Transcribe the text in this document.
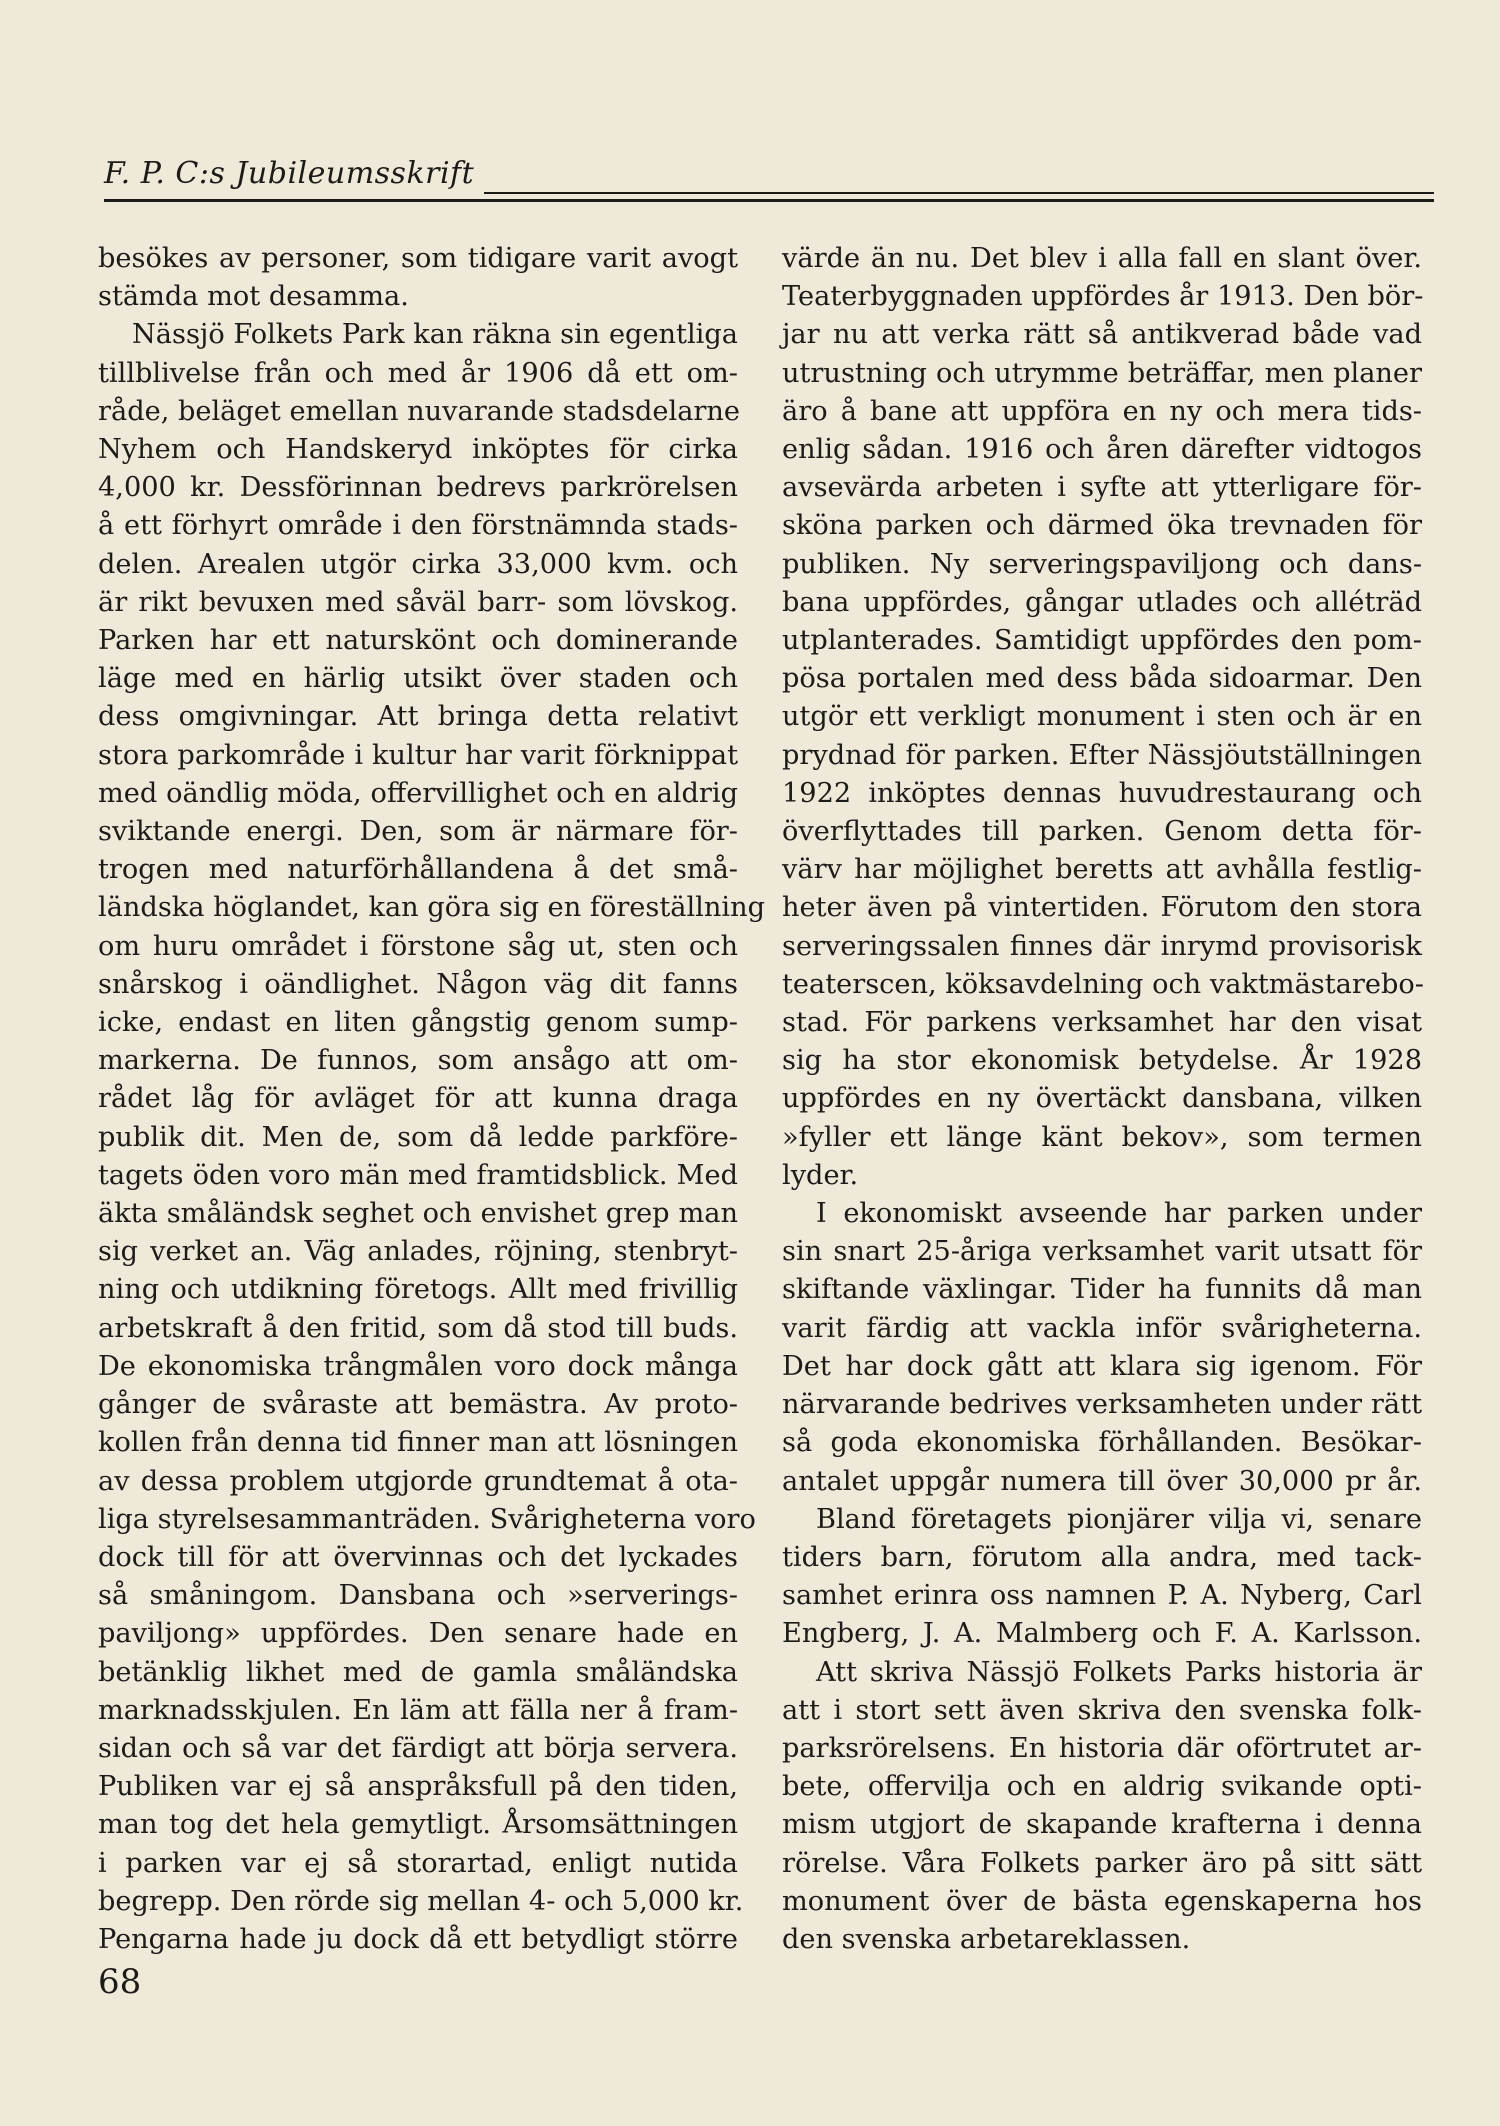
F. P. C:s Jubileumsskrift
besökes av personer, som tidigare varit avogt
stämda mot desamma.
Nässjö Folkets Park kan räkna sin egentliga
tillblivelse från och med år 1906 då ett om-
råde, beläget emellan nuvarande stadsdelarne
Nyhem och Handskeryd inköptes för cirka
4,000 kr. Dessförinnan bedrevs parkrörelsen
å ett förhyrt område i den förstnämnda stads-
delen. Arealen utgör cirka 33,000 kvm. och
är rikt bevuxen med såväl barr- som lövskog.
Parken har ett naturskönt och dominerande
läge med en härlig utsikt över staden och
dess omgivningar. Att bringa detta relativt
stora parkområde i kultur har varit förknippat
med oändlig möda, offervillighet och en aldrig
sviktande energi. Den, som är närmare för-
trogen med naturförhållandena å det små-
ländska höglandet, kan göra sig en föreställning
om huru området i förstone såg ut, sten och
snårskog i oändlighet. Någon väg dit fanns
icke, endast en liten gångstig genom sump-
markerna. De funnos, som ansågo att om-
rådet låg för avläget för att kunna draga
publik dit. Men de, som då ledde parkföre-
tagets öden voro män med framtidsblick. Med
äkta småländsk seghet och envishet grep man
sig verket an. Väg anlades, röjning, stenbryt-
ning och utdikning företogs. Allt med frivillig
arbetskraft å den fritid, som då stod till buds.
De ekonomiska trångmålen voro dock många
gånger de svåraste att bemästra. Av proto-
kollen från denna tid finner man att lösningen
av dessa problem utgjorde grundtemat å ota-
liga styrelsesammanträden. Svårigheterna voro
dock till för att övervinnas och det lyckades
så småningom. Dansbana och »serverings-
paviljong» uppfördes. Den senare hade en
betänklig likhet med de gamla småländska
marknadsskjulen. En läm att fälla ner å fram-
sidan och så var det färdigt att börja servera.
Publiken var ej så anspråksfull på den tiden,
man tog det hela gemytligt. Årsomsättningen
i parken var ej så storartad, enligt nutida
begrepp. Den rörde sig mellan 4- och 5,000 kr.
Pengarna hade ju dock då ett betydligt större
värde än nu. Det blev i alla fall en slant över.
Teaterbyggnaden uppfördes år 1913. Den bör-
jar nu att verka rätt så antikverad både vad
utrustning och utrymme beträffar, men planer
äro å bane att uppföra en ny och mera tids-
enlig sådan. 1916 och åren därefter vidtogos
avsevärda arbeten i syfte att ytterligare för-
sköna parken och därmed öka trevnaden för
publiken. Ny serveringspaviljong och dans-
bana uppfördes, gångar utlades och alléträd
utplanterades. Samtidigt uppfördes den pom-
pösa portalen med dess båda sidoarmar. Den
utgör ett verkligt monument i sten och är en
prydnad för parken. Efter Nässjöutställningen
1922 inköptes dennas huvudrestaurang och
överflyttades till parken. Genom detta för-
värv har möjlighet beretts att avhålla festlig-
heter även på vintertiden. Förutom den stora
serveringssalen finnes där inrymd provisorisk
teaterscen, köksavdelning och vaktmästarebo-
stad. För parkens verksamhet har den visat
sig ha stor ekonomisk betydelse. År 1928
uppfördes en ny övertäckt dansbana, vilken
»fyller ett länge känt bekov», som termen
lyder.
I ekonomiskt avseende har parken under
sin snart 25-åriga verksamhet varit utsatt för
skiftande växlingar. Tider ha funnits då man
varit färdig att vackla inför svårigheterna.
Det har dock gått att klara sig igenom. För
närvarande bedrives verksamheten under rätt
så goda ekonomiska förhållanden. Besökar-
antalet uppgår numera till över 30,000 pr år.
Bland företagets pionjärer vilja vi, senare
tiders barn, förutom alla andra, med tack-
samhet erinra oss namnen P. A. Nyberg, Carl
Engberg, J. A. Malmberg och F. A. Karlsson.
Att skriva Nässjö Folkets Parks historia är
att i stort sett även skriva den svenska folk-
parksrörelsens. En historia där oförtrutet ar-
bete, offervilja och en aldrig svikande opti-
mism utgjort de skapande krafterna i denna
rörelse. Våra Folkets parker äro på sitt sätt
monument över de bästa egenskaperna hos
den svenska arbetareklassen.
68
